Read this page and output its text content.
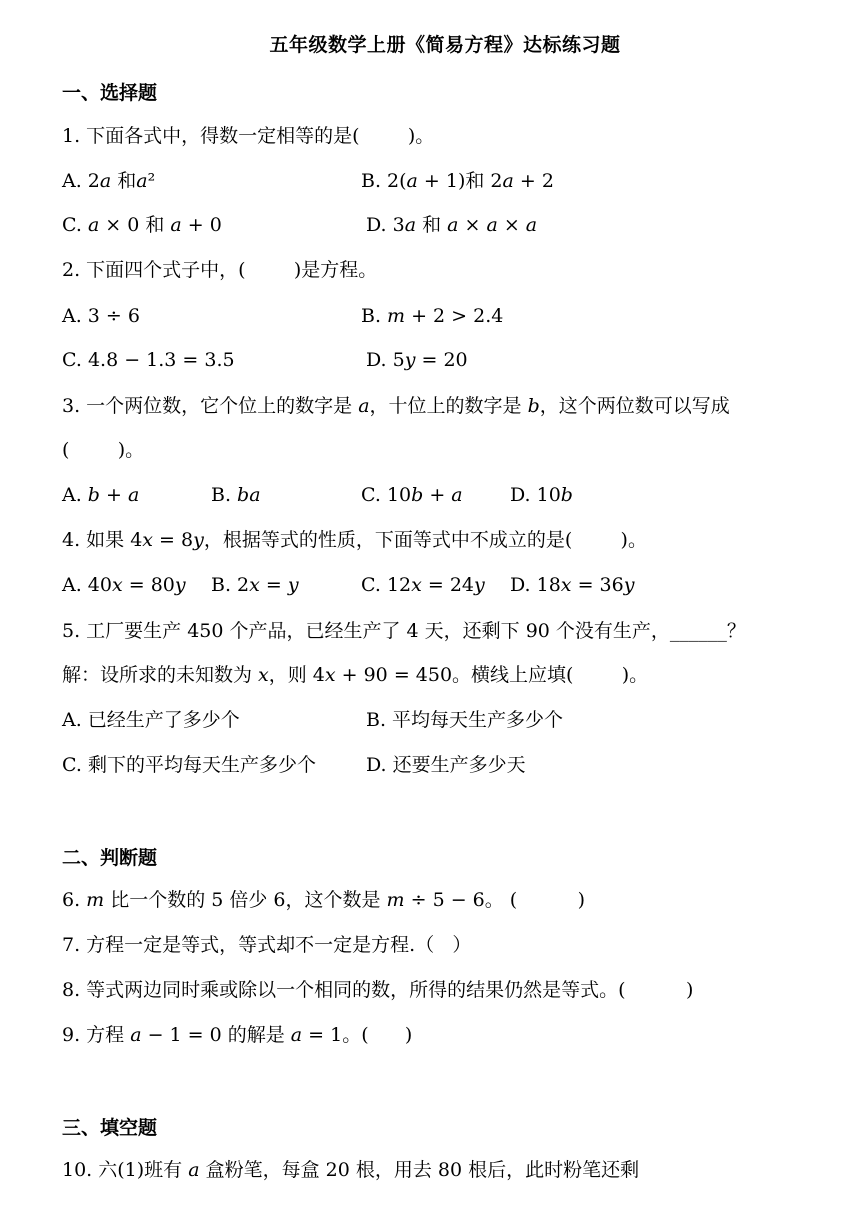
五年级数学上册《简易方程》达标练习题
一、选择题
1. 下面各式中，得数一定相等的是(        )。
A. 2𝑎 和𝑎²	B. 2(𝑎 + 1)和 2𝑎 + 2
C. 𝑎 × 0 和 𝑎 + 0	D. 3𝑎 和 𝑎 × 𝑎 × 𝑎
2. 下面四个式子中，(        )是方程。
A. 3 ÷ 6	B. 𝑚 + 2 > 2.4
C. 4.8 − 1.3 = 3.5	D. 5𝑦 = 20
3. 一个两位数，它个位上的数字是 𝑎，十位上的数字是 𝑏，这个两位数可以写成
(        )。
A. 𝑏 + 𝑎	B. 𝑏𝑎	C. 10𝑏 + 𝑎 D. 10𝑏
4. 如果 4𝑥 = 8𝑦，根据等式的性质，下面等式中不成立的是(        )。
A. 40𝑥 = 80𝑦 B. 2𝑥 = 𝑦	C. 12𝑥 = 24𝑦 D. 18𝑥 = 36𝑦
5. 工厂要生产 450 个产品，已经生产了 4 天，还剩下 90 个没有生产，______？
解：设所求的未知数为 𝑥，则 4𝑥 + 90 = 450。横线上应填(        )。
A. 已经生产了多少个	B. 平均每天生产多少个
C. 剩下的平均每天生产多少个	D. 还要生产多少天
二、判断题
6. 𝑚 比一个数的 5 倍少 6，这个数是 𝑚 ÷ 5 − 6。 (          )
7. 方程一定是等式，等式却不一定是方程.（   ）
8. 等式两边同时乘或除以一个相同的数，所得的结果仍然是等式。(          )
9. 方程 𝑎 − 1 = 0 的解是 𝑎 = 1。(      )
三、填空题
10. 六(1)班有 𝑎 盒粉笔，每盒 20 根，用去 80 根后，此时粉笔还剩
